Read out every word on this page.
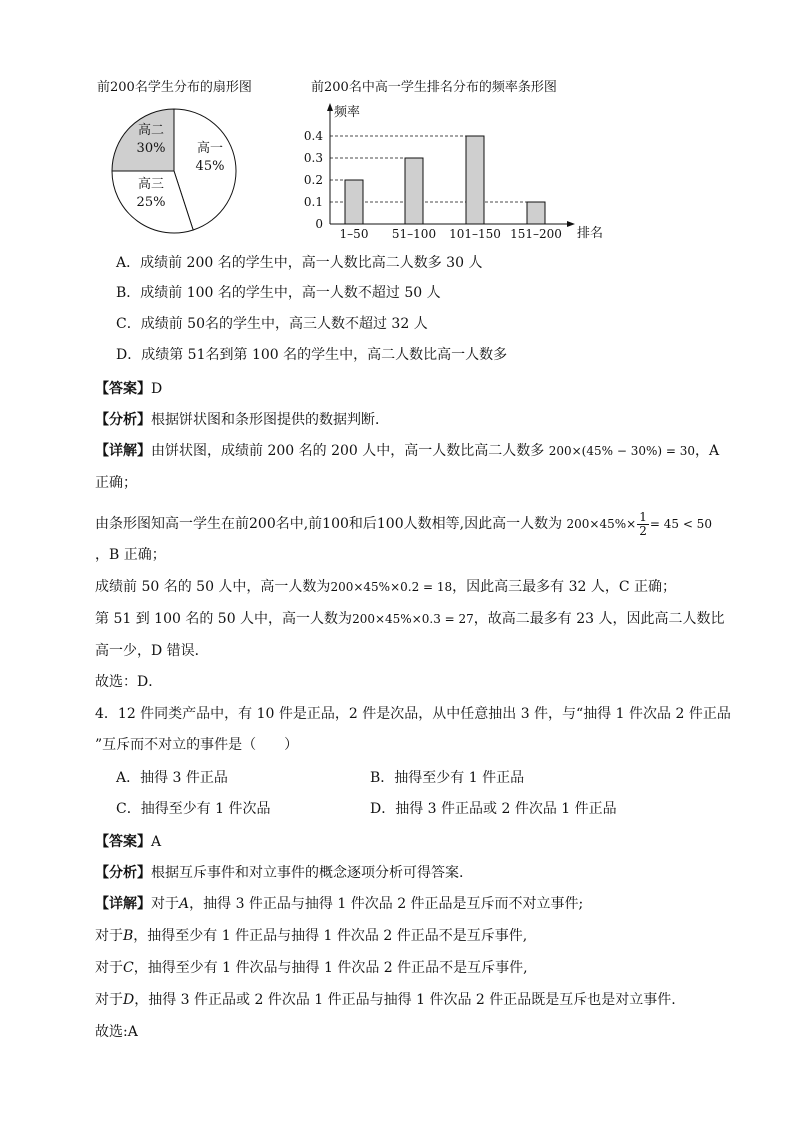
前200名学生分布的扇形图
高一
45%
高二
30%
高三
25%
前200名中高一学生排名分布的频率条形图
频率
排名
0
0.1
0.2
0.3
0.4
1–50 51–100 101–150 151–200
A．成绩前 200 名的学生中，高一人数比高二人数多 30 人
B．成绩前 100 名的学生中，高一人数不超过 50 人
C．成绩前 50名的学生中，高三人数不超过 32 人
D．成绩第 51名到第 100 名的学生中，高二人数比高一人数多
【答案】D
【分析】根据饼状图和条形图提供的数据判断．
【详解】由饼状图，成绩前 200 名的 200 人中，高一人数比高二人数多 200×(45% − 30%) = 30，A
正确；
由条形图知高一学生在前200名中,前100和后100人数相等,因此高一人数为 $200\times 45\%\times \frac{1}{2} = 45 < 50$
，B 正确；
成绩前 50 名的 50 人中，高一人数为200×45%×0.2 = 18，因此高三最多有 32 人，C 正确；
第 51 到 100 名的 50 人中，高一人数为200×45%×0.3 = 27，故高二最多有 23 人，因此高二人数比
高一少，D 错误．
故选：D．
4．12 件同类产品中，有 10 件是正品，2 件是次品，从中任意抽出 3 件，与“抽得 1 件次品 2 件正品
”互斥而不对立的事件是（　　）
A．抽得 3 件正品	B．抽得至少有 1 件正品
C．抽得至少有 1 件次品	D．抽得 3 件正品或 2 件次品 1 件正品
【答案】A
【分析】根据互斥事件和对立事件的概念逐项分析可得答案.
【详解】对于A，抽得 3 件正品与抽得 1 件次品 2 件正品是互斥而不对立事件;
对于B，抽得至少有 1 件正品与抽得 1 件次品 2 件正品不是互斥事件,
对于C，抽得至少有 1 件次品与抽得 1 件次品 2 件正品不是互斥事件,
对于D，抽得 3 件正品或 2 件次品 1 件正品与抽得 1 件次品 2 件正品既是互斥也是对立事件.
故选:A
